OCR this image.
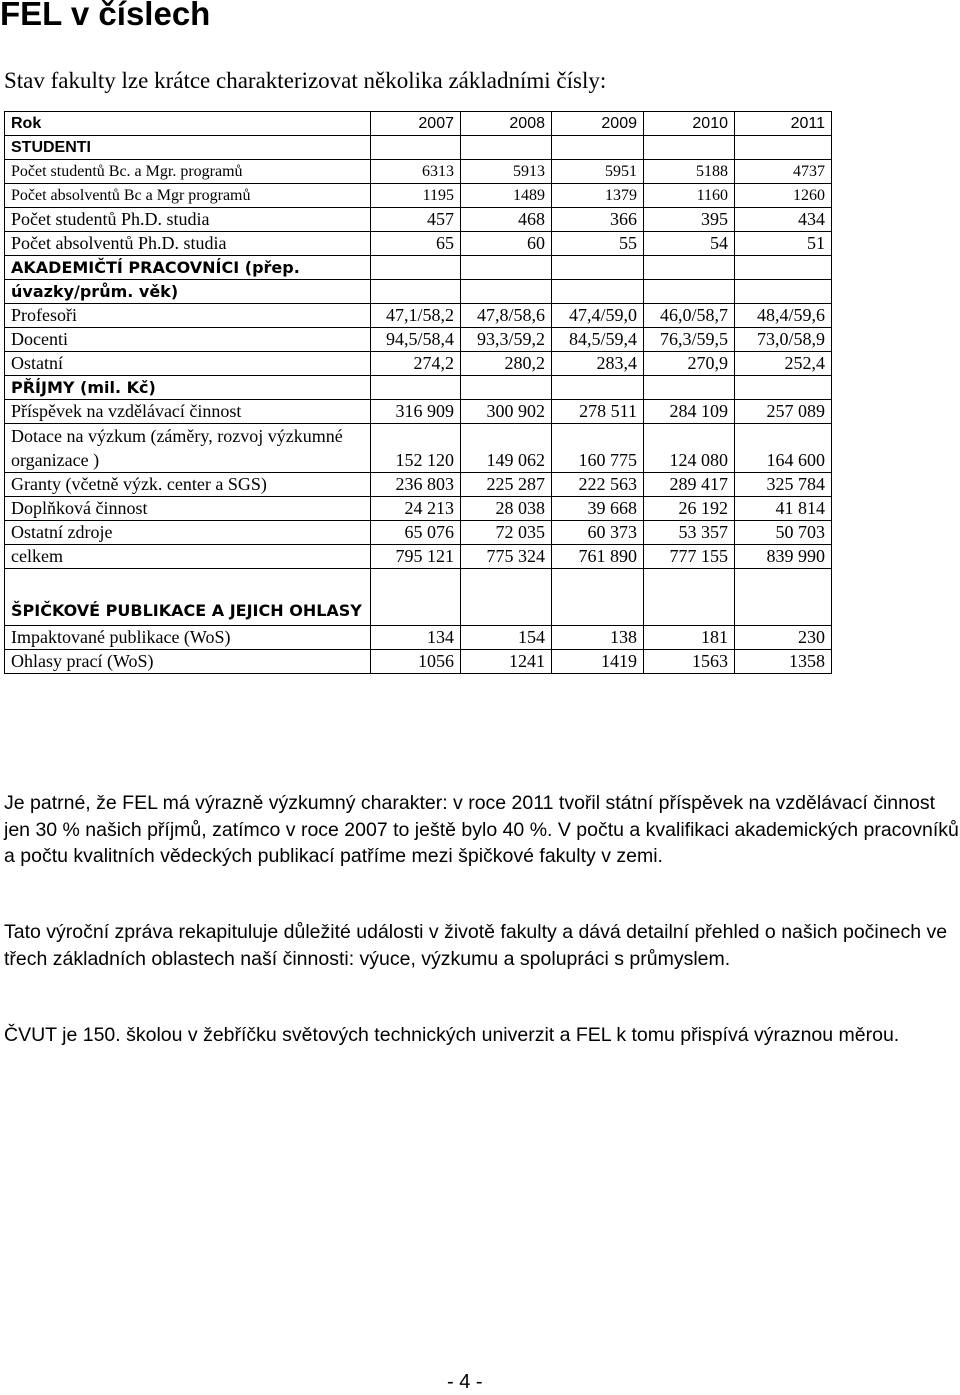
FEL v číslech

Stav fakulty lze krátce charakterizovat několika základními čísly:

Rok	2007	2008	2009	2010	2011
STUDENTI					
Počet studentů Bc. a Mgr. programů	6313	5913	5951	5188	4737
Počet absolventů Bc a Mgr programů	1195	1489	1379	1160	1260
Počet studentů Ph.D. studia	457	468	366	395	434
Počet absolventů Ph.D. studia	65	60	55	54	51
AKADEMIČTÍ PRACOVNÍCI (přep.					
úvazky/prům. věk)					
Profesoři	47,1/58,2	47,8/58,6	47,4/59,0	46,0/58,7	48,4/59,6
Docenti	94,5/58,4	93,3/59,2	84,5/59,4	76,3/59,5	73,0/58,9
Ostatní	274,2	280,2	283,4	270,9	252,4
PŘÍJMY (mil. Kč)					
Příspěvek na vzdělávací činnost	316 909	300 902	278 511	284 109	257 089
Dotace na výzkum (záměry, rozvoj výzkumné organizace )	152 120	149 062	160 775	124 080	164 600
Granty (včetně výzk. center a SGS)	236 803	225 287	222 563	289 417	325 784
Doplňková činnost	24 213	28 038	39 668	26 192	41 814
Ostatní zdroje	65 076	72 035	60 373	53 357	50 703
celkem	795 121	775 324	761 890	777 155	839 990
ŠPIČKOVÉ PUBLIKACE A JEJICH OHLASY					
Impaktované publikace (WoS)	134	154	138	181	230
Ohlasy prací (WoS)	1056	1241	1419	1563	1358

Je patrné, že FEL má výrazně výzkumný charakter: v roce 2011 tvořil státní příspěvek na vzdělávací činnost jen 30 % našich příjmů, zatímco v roce 2007 to ještě bylo 40 %. V počtu a kvalifikaci akademických pracovníků a počtu kvalitních vědeckých publikací patříme mezi špičkové fakulty v zemi.

Tato výroční zpráva rekapituluje důležité události v životě fakulty a dává detailní přehled o našich počinech ve třech základních oblastech naší činnosti: výuce, výzkumu a spolupráci s průmyslem.

ČVUT je 150. školou v žebříčku světových technických univerzit a FEL k tomu přispívá výraznou měrou.

- 4 -
